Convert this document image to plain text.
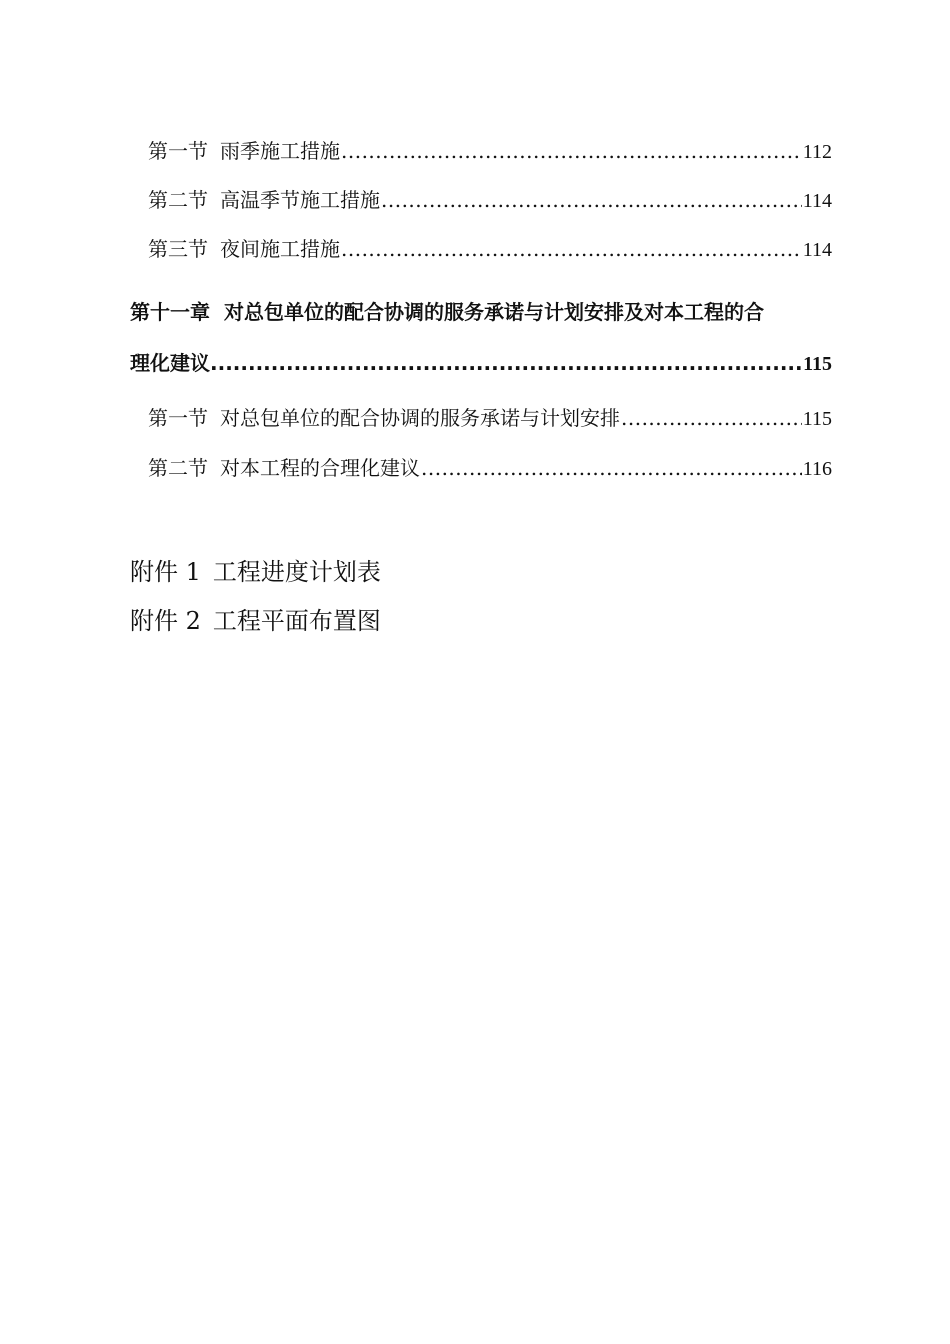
第一节 雨季施工措施 .....	112
第二节 高温季节施工措施 .....	114
第三节 夜间施工措施 .....	114
第十一章 对总包单位的配合协调的服务承诺与计划安排及对本工程的合
理化建议 .....	115
第一节 对总包单位的配合协调的服务承诺与计划安排 .....	115
第二节 对本工程的合理化建议 .....	116
附件 1 工程进度计划表
附件 2 工程平面布置图
